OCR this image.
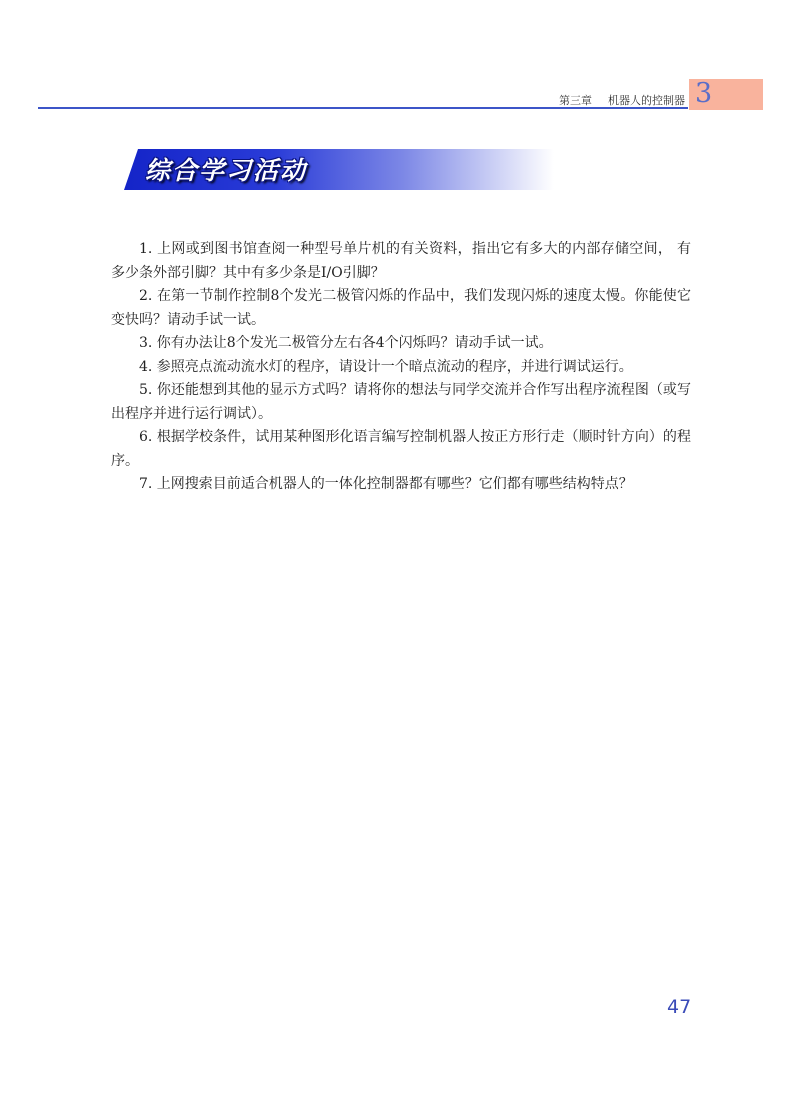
第三章 机器人的控制器 3
综合学习活动

1. 上网或到图书馆查阅一种型号单片机的有关资料，指出它有多大的内部存储空间， 有多少条外部引脚？其中有多少条是I/O引脚？

2. 在第一节制作控制8个发光二极管闪烁的作品中，我们发现闪烁的速度太慢。你能使它变快吗？请动手试一试。

3. 你有办法让8个发光二极管分左右各4个闪烁吗？请动手试一试。

4. 参照亮点流动流水灯的程序，请设计一个暗点流动的程序，并进行调试运行。

5. 你还能想到其他的显示方式吗？请将你的想法与同学交流并合作写出程序流程图（或写出程序并进行运行调试）。

6. 根据学校条件，试用某种图形化语言编写控制机器人按正方形行走（顺时针方向）的程序。

7. 上网搜索目前适合机器人的一体化控制器都有哪些？它们都有哪些结构特点？

47
